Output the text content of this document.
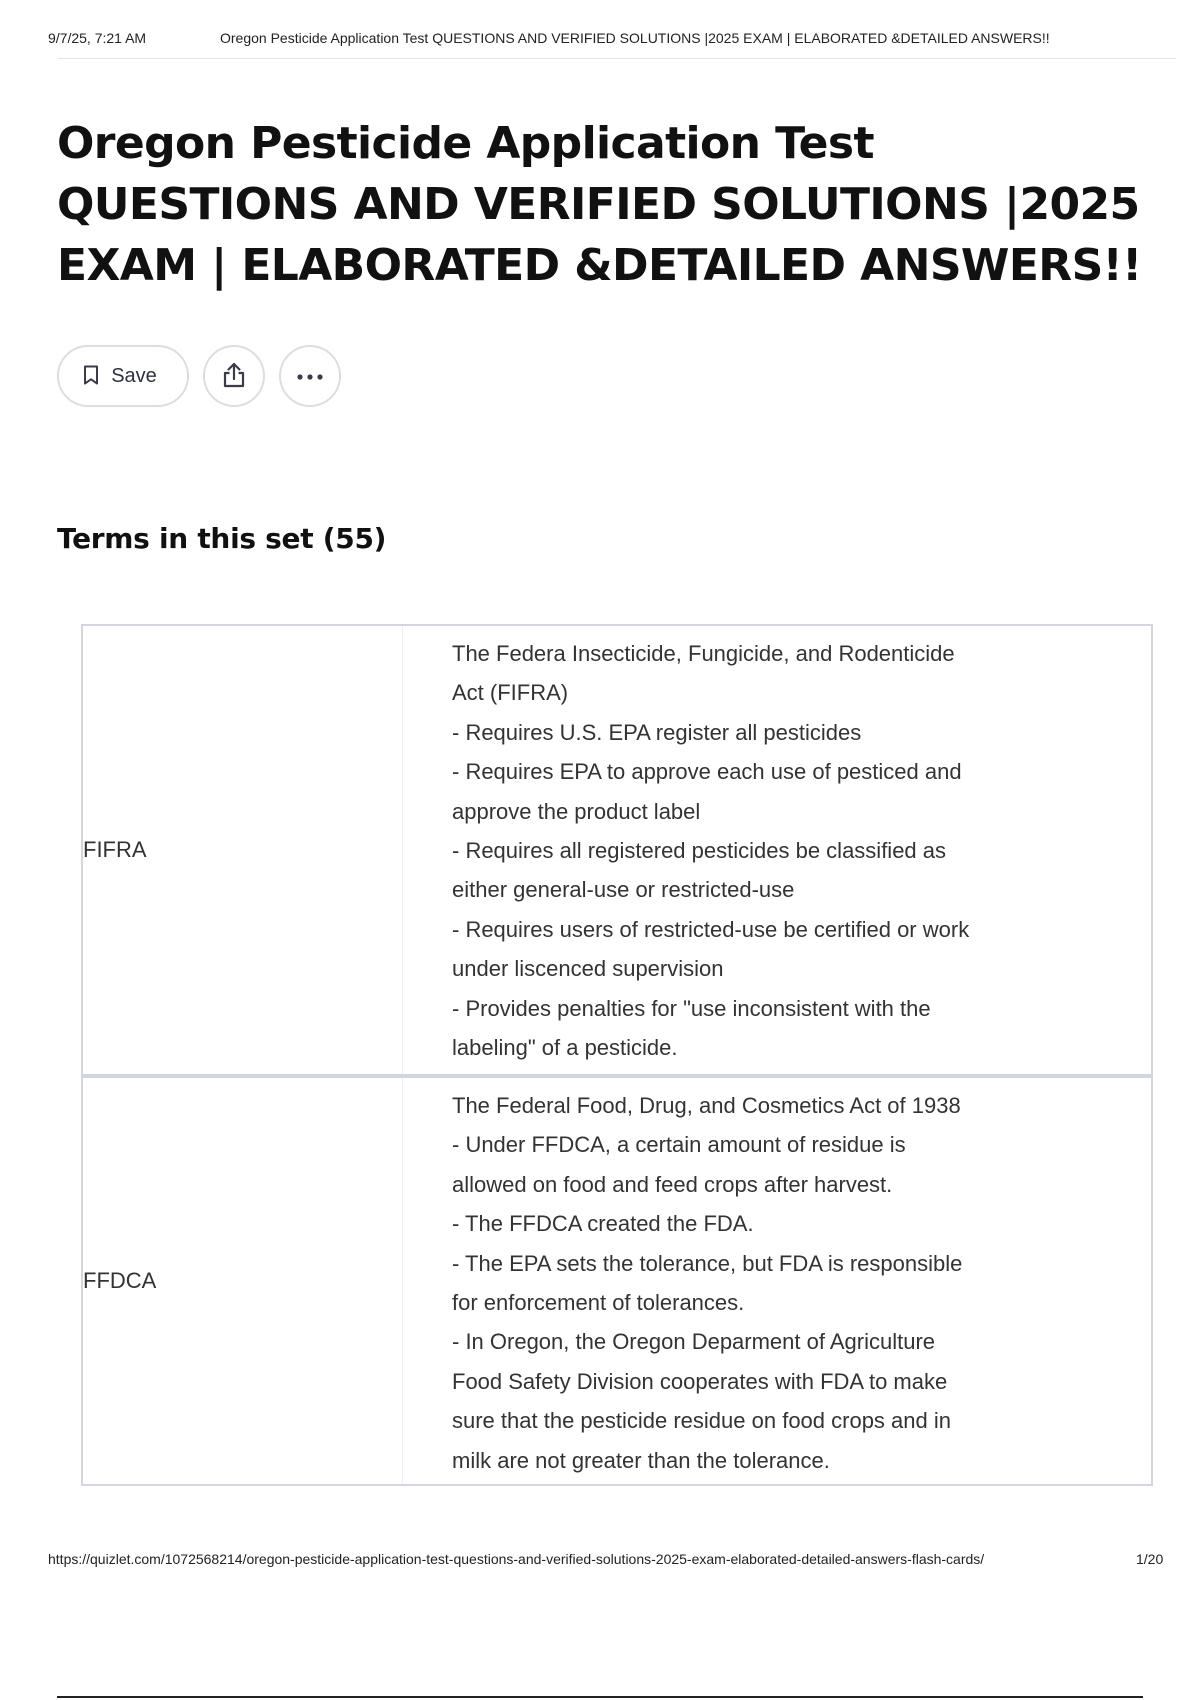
9/7/25, 7:21 AM	Oregon Pesticide Application Test QUESTIONS AND VERIFIED SOLUTIONS |2025 EXAM | ELABORATED &DETAILED ANSWERS!!
Oregon Pesticide Application Test QUESTIONS AND VERIFIED SOLUTIONS |2025 EXAM | ELABORATED &DETAILED ANSWERS!!
Save
Terms in this set (55)
FIFRA
The Federa Insecticide, Fungicide, and Rodenticide
Act (FIFRA)
- Requires U.S. EPA register all pesticides
- Requires EPA to approve each use of pesticed and
approve the product label
- Requires all registered pesticides be classified as
either general-use or restricted-use
- Requires users of restricted-use be certified or work
under liscenced supervision
- Provides penalties for "use inconsistent with the
labeling" of a pesticide.
FFDCA
The Federal Food, Drug, and Cosmetics Act of 1938
- Under FFDCA, a certain amount of residue is
allowed on food and feed crops after harvest.
- The FFDCA created the FDA.
- The EPA sets the tolerance, but FDA is responsible
for enforcement of tolerances.
- In Oregon, the Oregon Deparment of Agriculture
Food Safety Division cooperates with FDA to make
sure that the pesticide residue on food crops and in
milk are not greater than the tolerance.
https://quizlet.com/1072568214/oregon-pesticide-application-test-questions-and-verified-solutions-2025-exam-elaborated-detailed-answers-flash-cards/	1/20
